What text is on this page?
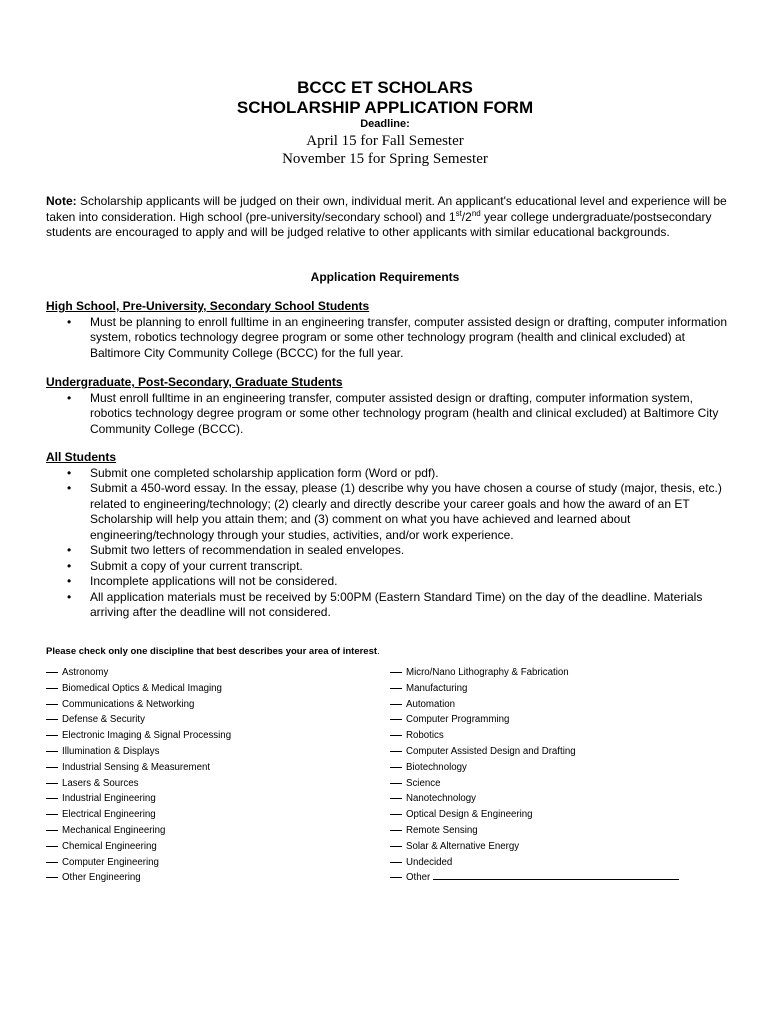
BCCC ET SCHOLARS
SCHOLARSHIP APPLICATION FORM
Deadline:
April 15 for Fall Semester
November 15 for Spring Semester
Note: Scholarship applicants will be judged on their own, individual merit. An applicant's educational level and experience will be taken into consideration. High school (pre-university/secondary school) and 1st/2nd year college undergraduate/postsecondary students are encouraged to apply and will be judged relative to other applicants with similar educational backgrounds.
Application Requirements
High School, Pre-University, Secondary School Students
• Must be planning to enroll fulltime in an engineering transfer, computer assisted design or drafting, computer information system, robotics technology degree program or some other technology program (health and clinical excluded) at Baltimore City Community College (BCCC) for the full year.
Undergraduate, Post-Secondary, Graduate Students
• Must enroll fulltime in an engineering transfer, computer assisted design or drafting, computer information system, robotics technology degree program or some other technology program (health and clinical excluded) at Baltimore City Community College (BCCC).
All Students
• Submit one completed scholarship application form (Word or pdf).
• Submit a 450-word essay. In the essay, please (1) describe why you have chosen a course of study (major, thesis, etc.) related to engineering/technology; (2) clearly and directly describe your career goals and how the award of an ET Scholarship will help you attain them; and (3) comment on what you have achieved and learned about engineering/technology through your studies, activities, and/or work experience.
• Submit two letters of recommendation in sealed envelopes.
• Submit a copy of your current transcript.
• Incomplete applications will not be considered.
• All application materials must be received by 5:00PM (Eastern Standard Time) on the day of the deadline. Materials arriving after the deadline will not considered.
Please check only one discipline that best describes your area of interest.
Astronomy
Biomedical Optics & Medical Imaging
Communications & Networking
Defense & Security
Electronic Imaging & Signal Processing
Illumination & Displays
Industrial Sensing & Measurement
Lasers & Sources
Industrial Engineering
Electrical Engineering
Mechanical Engineering
Chemical Engineering
Computer Engineering
Other Engineering
Micro/Nano Lithography & Fabrication
Manufacturing
Automation
Computer Programming
Robotics
Computer Assisted Design and Drafting
Biotechnology
Science
Nanotechnology
Optical Design & Engineering
Remote Sensing
Solar & Alternative Energy
Undecided
Other
